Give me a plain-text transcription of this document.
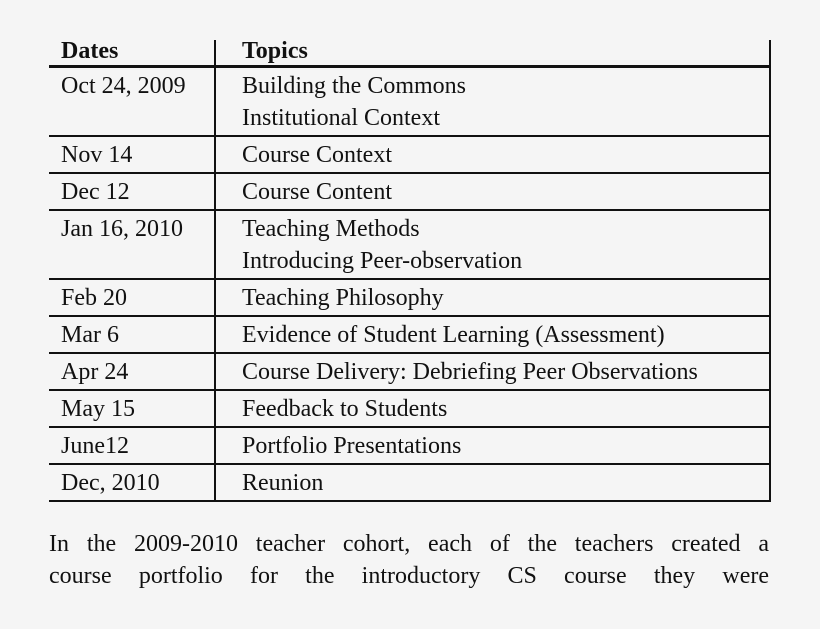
Dates	Topics
Oct 24, 2009	Building the Commons
Institutional Context
Nov 14	Course Context
Dec 12	Course Content
Jan 16, 2010	Teaching Methods
Introducing Peer-observation
Feb 20	Teaching Philosophy
Mar 6	Evidence of Student Learning (Assessment)
Apr 24	Course Delivery: Debriefing Peer Observations
May 15	Feedback to Students
June12	Portfolio Presentations
Dec, 2010	Reunion
In the 2009-2010 teacher cohort, each of the teachers created a
course portfolio for the introductory CS course they were
